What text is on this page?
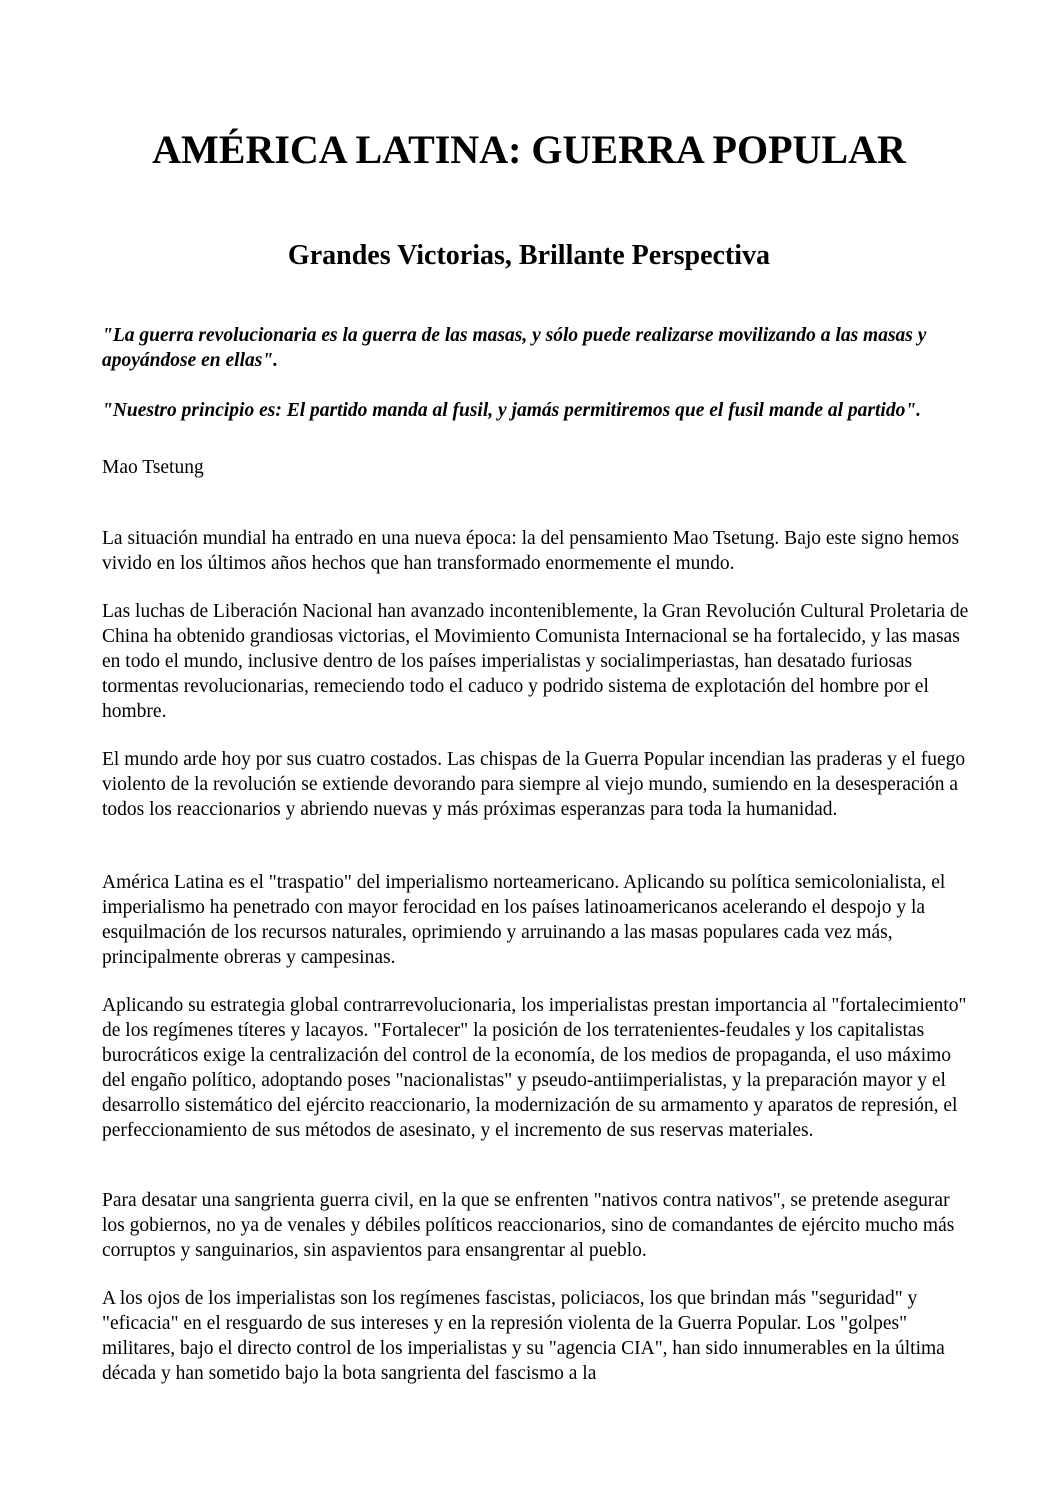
AMÉRICA LATINA: GUERRA POPULAR
Grandes Victorias, Brillante Perspectiva

"La guerra revolucionaria es la guerra de las masas, y sólo puede realizarse movilizando a las masas y apoyándose en ellas".

"Nuestro principio es: El partido manda al fusil, y jamás permitiremos que el fusil mande al partido".

Mao Tsetung

La situación mundial ha entrado en una nueva época: la del pensamiento Mao Tsetung. Bajo este signo hemos vivido en los últimos años hechos que han transformado enormemente el mundo.

Las luchas de Liberación Nacional han avanzado inconteniblemente, la Gran Revolución Cultural Proletaria de China ha obtenido grandiosas victorias, el Movimiento Comunista Internacional se ha fortalecido, y las masas en todo el mundo, inclusive dentro de los países imperialistas y socialimperiastas, han desatado furiosas tormentas revolucionarias, remeciendo todo el caduco y podrido sistema de explotación del hombre por el hombre.

El mundo arde hoy por sus cuatro costados. Las chispas de la Guerra Popular incendian las praderas y el fuego violento de la revolución se extiende devorando para siempre al viejo mundo, sumiendo en la desesperación a todos los reaccionarios y abriendo nuevas y más próximas esperanzas para toda la humanidad.

América Latina es el "traspatio" del imperialismo norteamericano. Aplicando su política semicolonialista, el imperialismo ha penetrado con mayor ferocidad en los países latinoamericanos acelerando el despojo y la esquilmación de los recursos naturales, oprimiendo y arruinando a las masas populares cada vez más, principalmente obreras y campesinas.

Aplicando su estrategia global contrarrevolucionaria, los imperialistas prestan importancia al "fortalecimiento" de los regímenes títeres y lacayos. "Fortalecer" la posición de los terratenientes-feudales y los capitalistas burocráticos exige la centralización del control de la economía, de los medios de propaganda, el uso máximo del engaño político, adoptando poses "nacionalistas" y pseudo-antiimperialistas, y la preparación mayor y el desarrollo sistemático del ejército reaccionario, la modernización de su armamento y aparatos de represión, el perfeccionamiento de sus métodos de asesinato, y el incremento de sus reservas materiales.

Para desatar una sangrienta guerra civil, en la que se enfrenten "nativos contra nativos", se pretende asegurar los gobiernos, no ya de venales y débiles políticos reaccionarios, sino de comandantes de ejército mucho más corruptos y sanguinarios, sin aspavientos para ensangrentar al pueblo.

A los ojos de los imperialistas son los regímenes fascistas, policiacos, los que brindan más "seguridad" y "eficacia" en el resguardo de sus intereses y en la represión violenta de la Guerra Popular. Los "golpes" militares, bajo el directo control de los imperialistas y su "agencia CIA", han sido innumerables en la última década y han sometido bajo la bota sangrienta del fascismo a la
